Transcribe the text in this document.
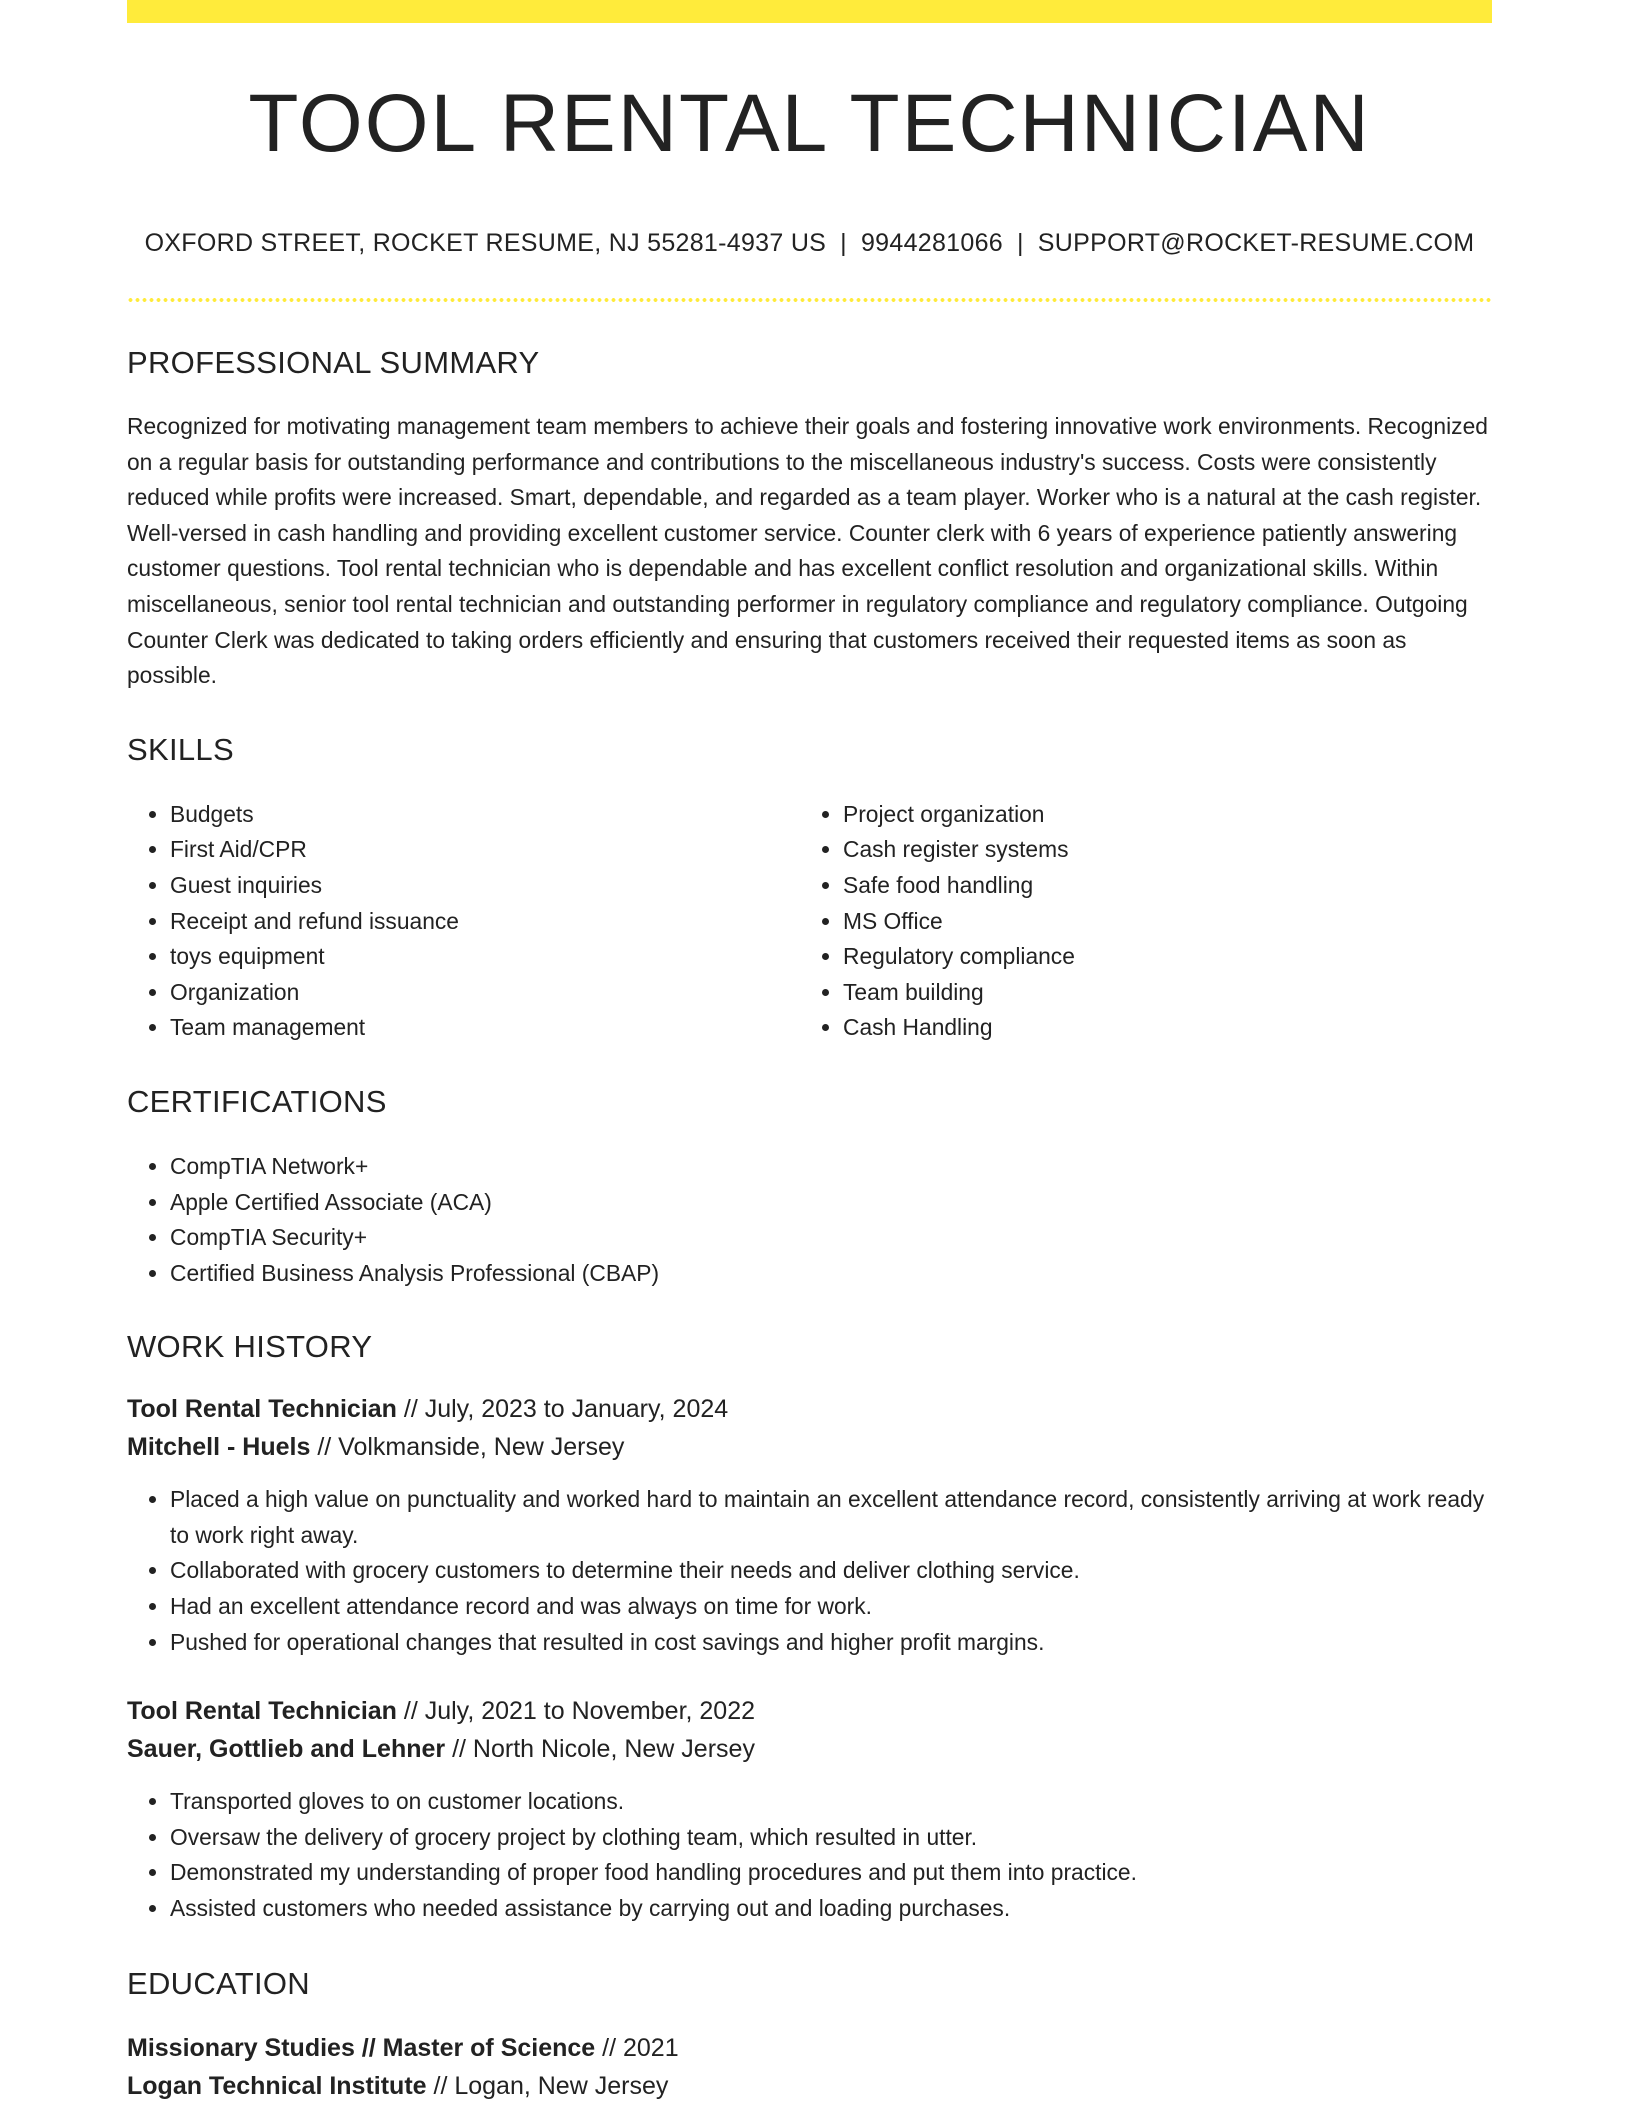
TOOL RENTAL TECHNICIAN
OXFORD STREET, ROCKET RESUME, NJ 55281-4937 US | 9944281066 | SUPPORT@ROCKET-RESUME.COM
PROFESSIONAL SUMMARY

Recognized for motivating management team members to achieve their goals and fostering innovative work environments. Recognized on a regular basis for outstanding performance and contributions to the miscellaneous industry's success. Costs were consistently reduced while profits were increased. Smart, dependable, and regarded as a team player. Worker who is a natural at the cash register. Well-versed in cash handling and providing excellent customer service. Counter clerk with 6 years of experience patiently answering customer questions. Tool rental technician who is dependable and has excellent conflict resolution and organizational skills. Within miscellaneous, senior tool rental technician and outstanding performer in regulatory compliance and regulatory compliance. Outgoing Counter Clerk was dedicated to taking orders efficiently and ensuring that customers received their requested items as soon as possible.

SKILLS
• Budgets
• First Aid/CPR
• Guest inquiries
• Receipt and refund issuance
• toys equipment
• Organization
• Team management
• Project organization
• Cash register systems
• Safe food handling
• MS Office
• Regulatory compliance
• Team building
• Cash Handling
CERTIFICATIONS
• CompTIA Network+
• Apple Certified Associate (ACA)
• CompTIA Security+
• Certified Business Analysis Professional (CBAP)
WORK HISTORY
Tool Rental Technician // July, 2023 to January, 2024
Mitchell - Huels // Volkmanside, New Jersey
• Placed a high value on punctuality and worked hard to maintain an excellent attendance record, consistently arriving at work ready to work right away.
• Collaborated with grocery customers to determine their needs and deliver clothing service.
• Had an excellent attendance record and was always on time for work.
• Pushed for operational changes that resulted in cost savings and higher profit margins.
Tool Rental Technician // July, 2021 to November, 2022
Sauer, Gottlieb and Lehner // North Nicole, New Jersey
• Transported gloves to on customer locations.
• Oversaw the delivery of grocery project by clothing team, which resulted in utter.
• Demonstrated my understanding of proper food handling procedures and put them into practice.
• Assisted customers who needed assistance by carrying out and loading purchases.
EDUCATION
Missionary Studies // Master of Science // 2021
Logan Technical Institute // Logan, New Jersey
